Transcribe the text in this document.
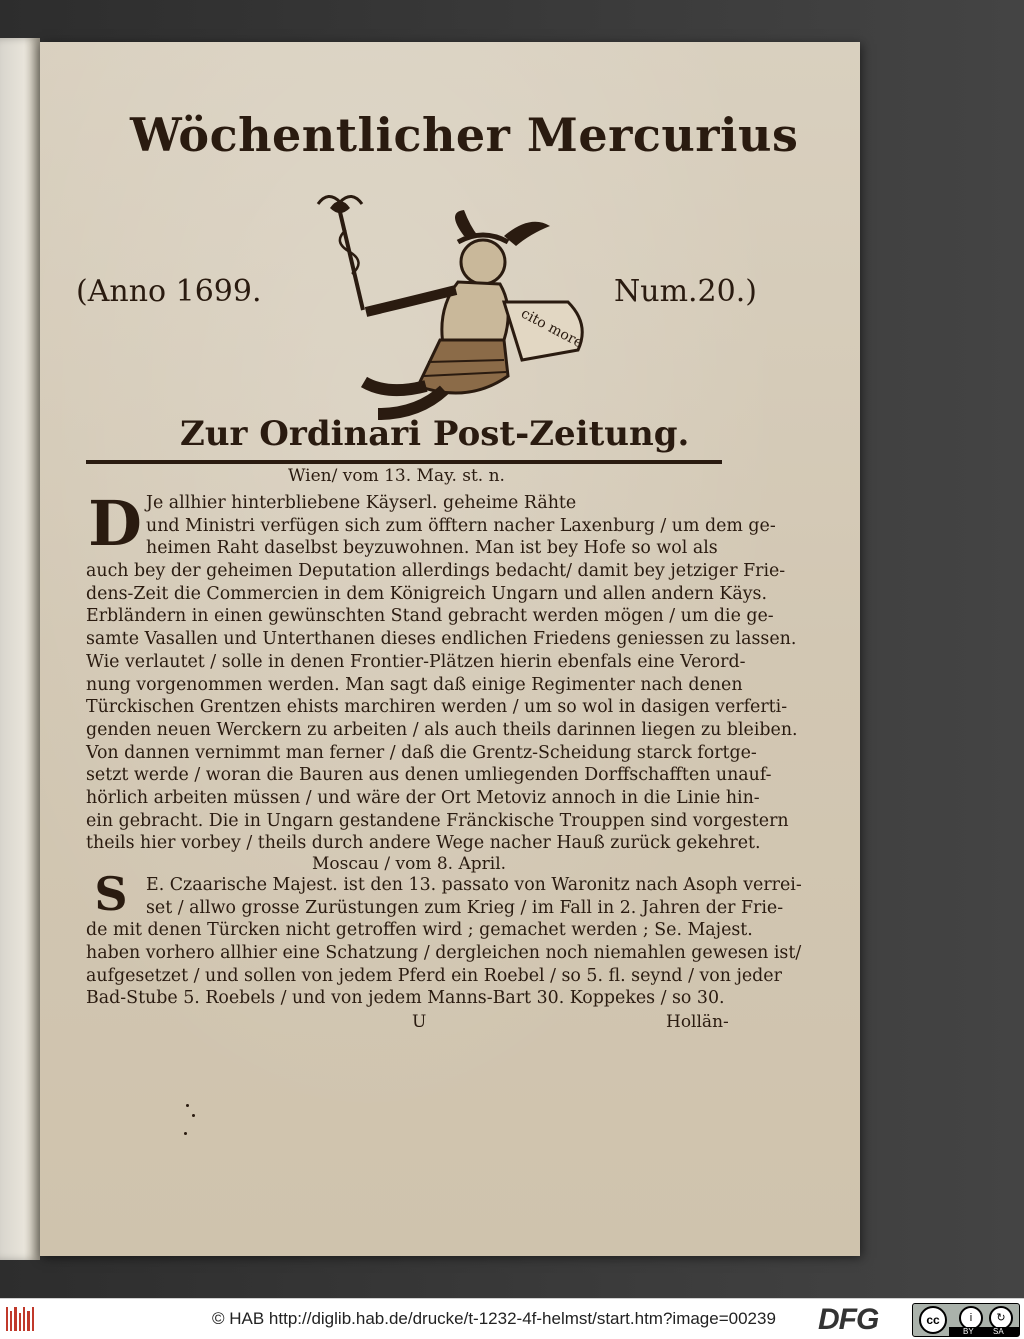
Wöchentlicher Mercurius
(Anno 1699.
cito more
Num.20.)
Zur Ordinari Post-Zeitung.
Wien/ vom 13. May. st. n.
D Je allhier hinterbliebene Käyserl. geheime Rähte
und Ministri verfügen sich zum öfftern nacher Laxenburg / um dem ge-
heimen Raht daselbst beyzuwohnen. Man ist bey Hofe so wol als
auch bey der geheimen Deputation allerdings bedacht/ damit bey jetziger Frie-
dens-Zeit die Commercien in dem Königreich Ungarn und allen andern Käys.
Erbländern in einen gewünschten Stand gebracht werden mögen / um die ge-
samte Vasallen und Unterthanen dieses endlichen Friedens geniessen zu lassen.
Wie verlautet / solle in denen Frontier-Plätzen hierin ebenfals eine Verord-
nung vorgenommen werden. Man sagt daß einige Regimenter nach denen
Türckischen Grentzen ehists marchiren werden / um so wol in dasigen verferti-
genden neuen Werckern zu arbeiten / als auch theils darinnen liegen zu bleiben.
Von dannen vernimmt man ferner / daß die Grentz-Scheidung starck fortge-
setzt werde / woran die Bauren aus denen umliegenden Dorffschafften unauf-
hörlich arbeiten müssen / und wäre der Ort Metoviz annoch in die Linie hin-
ein gebracht. Die in Ungarn gestandene Fränckische Trouppen sind vorgestern
theils hier vorbey / theils durch andere Wege nacher Hauß zurück gekehret.
Moscau / vom 8. April.
S	E. Czaarische Majest. ist den 13. passato von Waronitz nach Asoph verrei-
set / allwo grosse Zurüstungen zum Krieg / im Fall in 2. Jahren der Frie-
de mit denen Türcken nicht getroffen wird ; gemachet werden ; Se. Majest.
haben vorhero allhier eine Schatzung / dergleichen noch niemahlen gewesen ist/
aufgesetzet / und sollen von jedem Pferd ein Roebel / so 5. fl. seynd / von jeder
Bad-Stube 5. Roebels / und von jedem Manns-Bart 30. Koppekes / so 30.
U	Hollän-
© HAB http://diglib.hab.de/drucke/t-1232-4f-helmst/start.htm?image=00239 DFG	cc	i	↻
BY SA
